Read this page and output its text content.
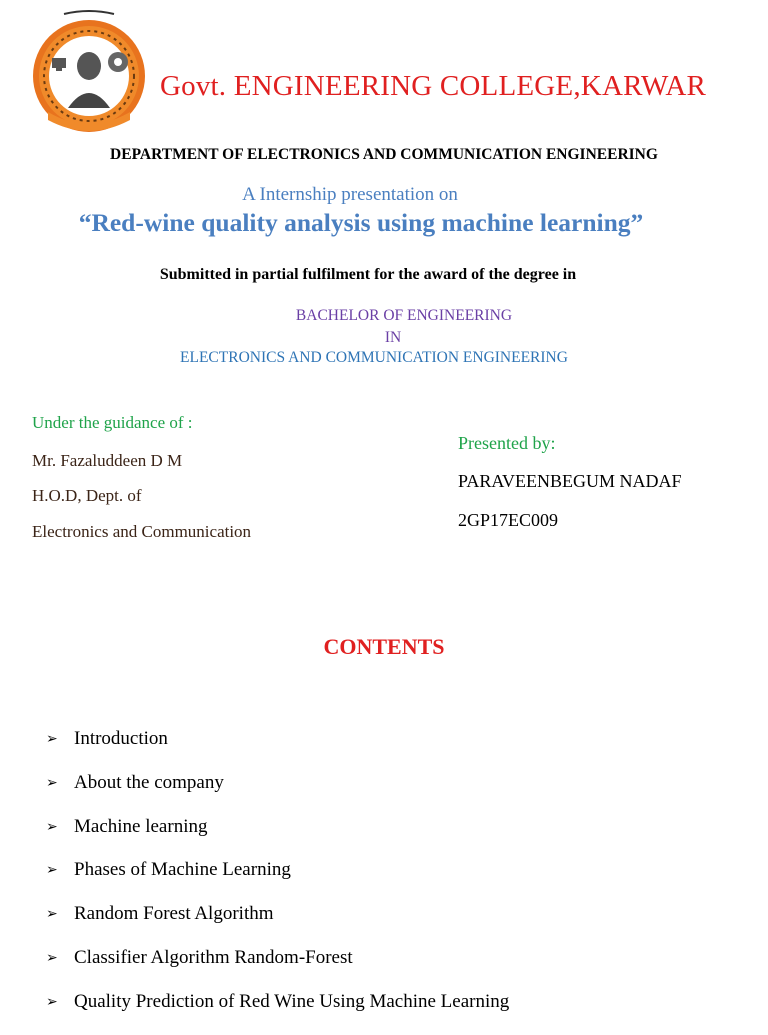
Govt. ENGINEERING COLLEGE,KARWAR
DEPARTMENT OF ELECTRONICS AND COMMUNICATION ENGINEERING
A Internship presentation on
“Red-wine quality analysis using machine learning”
Submitted in partial fulfilment for the award of the degree in
BACHELOR OF ENGINEERING
IN
ELECTRONICS AND COMMUNICATION ENGINEERING
Under the guidance of :
Mr. Fazaluddeen D M
H.O.D, Dept. of
Electronics and Communication
Presented by:
PARAVEENBEGUM NADAF
2GP17EC009
CONTENTS
➢ Introduction
➢ About the company
➢ Machine learning
➢ Phases of Machine Learning
➢ Random Forest Algorithm
➢ Classifier Algorithm Random-Forest
➢ Quality Prediction of Red Wine Using Machine Learning
